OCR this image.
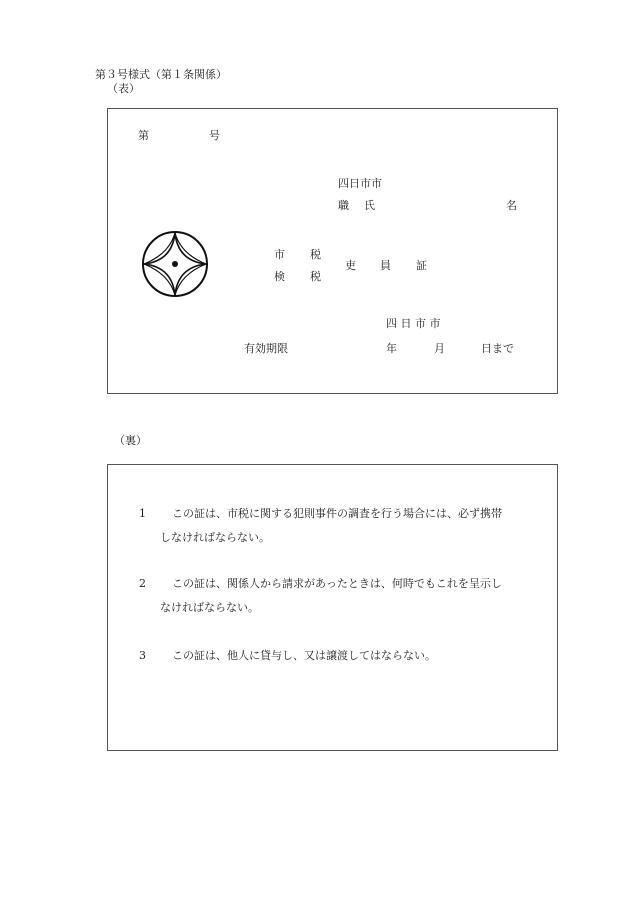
第３号様式（第１条関係）
（表）
第	号
四日市市
職 氏	名
市 税
検 税
吏 員 証
四 日 市 市
有効期限	年	月	日まで
（裏）
1 この証は、市税に関する犯則事件の調査を行う場合には、必ず携帯
しなければならない。
2 この証は、関係人から請求があったときは、何時でもこれを呈示し
なければならない。
3 この証は、他人に貸与し、又は譲渡してはならない。
